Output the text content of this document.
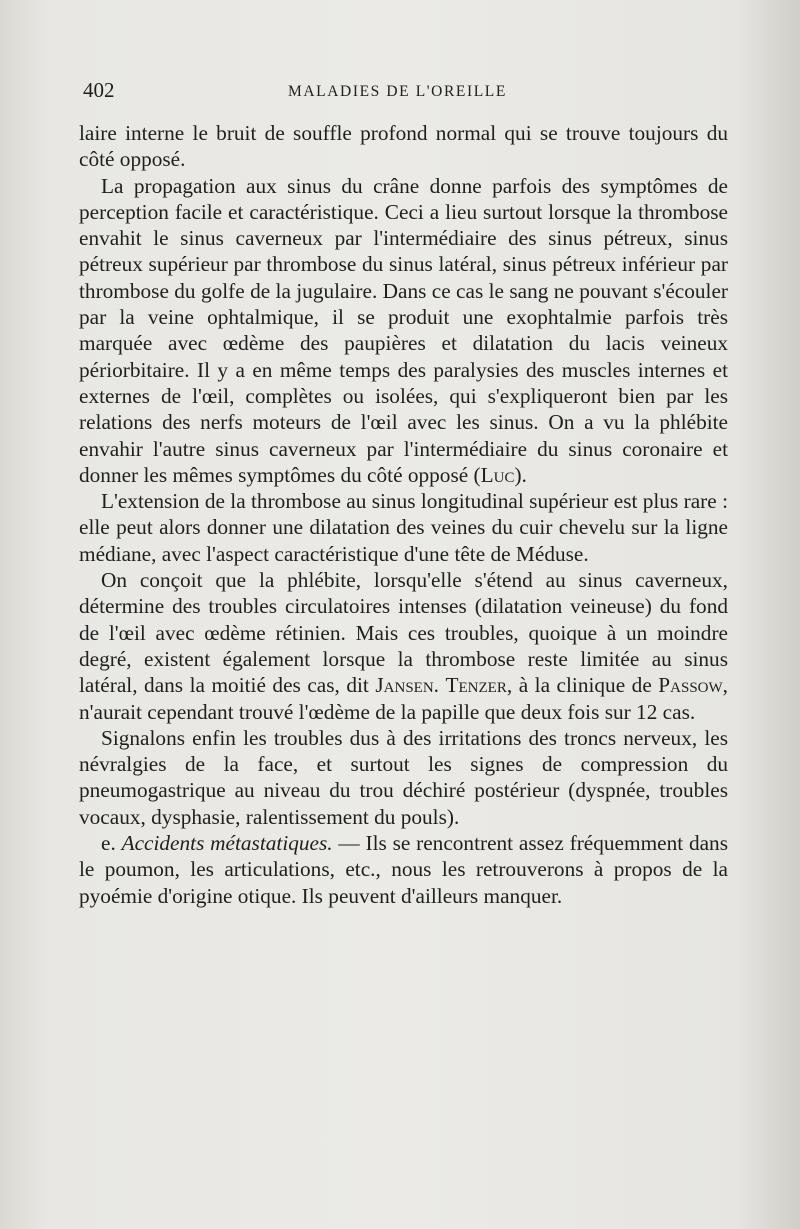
402	MALADIES DE L'OREILLE

laire interne le bruit de souffle profond normal qui se trouve toujours du côté opposé.

La propagation aux sinus du crâne donne parfois des symptômes de perception facile et caractéristique. Ceci a lieu surtout lorsque la thrombose envahit le sinus caverneux par l'intermédiaire des sinus pétreux, sinus pétreux supérieur par thrombose du sinus latéral, sinus pétreux inférieur par thrombose du golfe de la jugulaire. Dans ce cas le sang ne pouvant s'écouler par la veine ophtalmique, il se produit une exophtalmie parfois très marquée avec œdème des paupières et dilatation du lacis veineux périorbitaire. Il y a en même temps des paralysies des muscles internes et externes de l'œil, complètes ou isolées, qui s'expliqueront bien par les relations des nerfs moteurs de l'œil avec les sinus. On a vu la phlébite envahir l'autre sinus caverneux par l'intermédiaire du sinus coronaire et donner les mêmes symptômes du côté opposé (Luc).

L'extension de la thrombose au sinus longitudinal supérieur est plus rare : elle peut alors donner une dilatation des veines du cuir chevelu sur la ligne médiane, avec l'aspect caractéristique d'une tête de Méduse.

On conçoit que la phlébite, lorsqu'elle s'étend au sinus caverneux, détermine des troubles circulatoires intenses (dilatation veineuse) du fond de l'œil avec œdème rétinien. Mais ces troubles, quoique à un moindre degré, existent également lorsque la thrombose reste limitée au sinus latéral, dans la moitié des cas, dit Jansen. Tenzer, à la clinique de Passow, n'aurait cependant trouvé l'œdème de la papille que deux fois sur 12 cas.

Signalons enfin les troubles dus à des irritations des troncs nerveux, les névralgies de la face, et surtout les signes de compression du pneumogastrique au niveau du trou déchiré postérieur (dyspnée, troubles vocaux, dysphasie, ralentissement du pouls).

e. Accidents métastatiques. — Ils se rencontrent assez fréquemment dans le poumon, les articulations, etc., nous les retrouverons à propos de la pyoémie d'origine otique. Ils peuvent d'ailleurs manquer.
